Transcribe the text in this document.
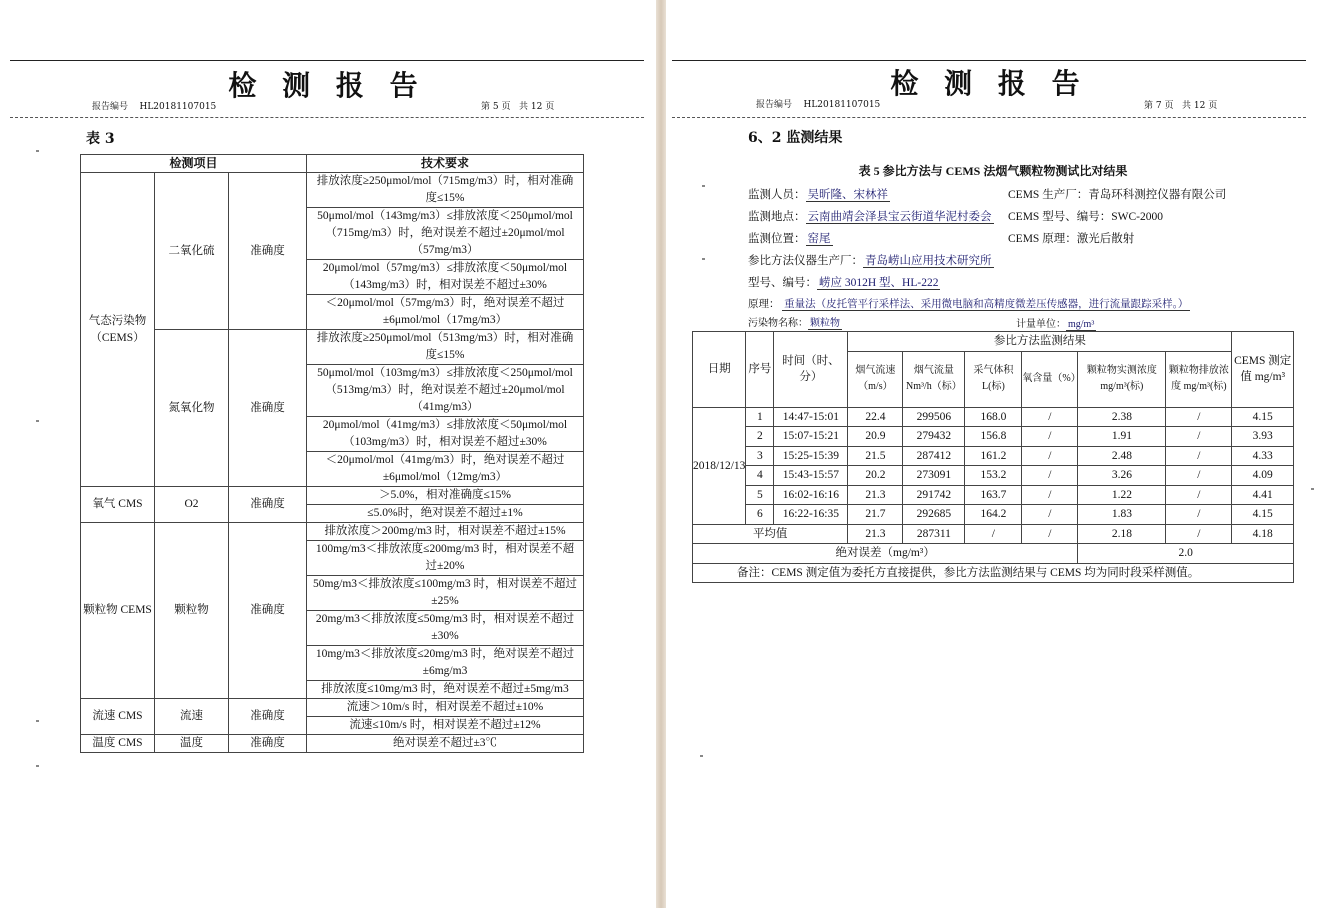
检 测 报 告
报告编号 HL20181107015	第 5 页 共 12 页
表 3
检测项目			技术要求
气态污染物（CEMS）	二氧化硫	准确度	排放浓度≥250μmol/mol（715mg/m3）时，相对准确度≤15%
			50μmol/mol（143mg/m3）≤排放浓度＜250μmol/mol（715mg/m3）时，绝对误差不超过±20μmol/mol（57mg/m3）
			20μmol/mol（57mg/m3）≤排放浓度＜50μmol/mol（143mg/m3）时，相对误差不超过±30%
			＜20μmol/mol（57mg/m3）时，绝对误差不超过±6μmol/mol（17mg/m3）
	氮氧化物	准确度	排放浓度≥250μmol/mol（513mg/m3）时，相对准确度≤15%
			50μmol/mol（103mg/m3）≤排放浓度＜250μmol/mol（513mg/m3）时，绝对误差不超过±20μmol/mol（41mg/m3）
			20μmol/mol（41mg/m3）≤排放浓度＜50μmol/mol（103mg/m3）时，相对误差不超过±30%
			＜20μmol/mol（41mg/m3）时，绝对误差不超过±6μmol/mol（12mg/m3）
氧气 CMS	O2	准确度	＞5.0%，相对准确度≤15%
			≤5.0%时，绝对误差不超过±1%
颗粒物 CEMS	颗粒物	准确度	排放浓度＞200mg/m3 时，相对误差不超过±15%
			100mg/m3＜排放浓度≤200mg/m3 时，相对误差不超过±20%
			50mg/m3＜排放浓度≤100mg/m3 时，相对误差不超过±25%
			20mg/m3＜排放浓度≤50mg/m3 时，相对误差不超过±30%
			10mg/m3＜排放浓度≤20mg/m3 时，绝对误差不超过±6mg/m3
			排放浓度≤10mg/m3 时，绝对误差不超过±5mg/m3
流速 CMS	流速	准确度	流速＞10m/s 时，相对误差不超过±10%
			流速≤10m/s 时，相对误差不超过±12%
温度 CMS	温度	准确度	绝对误差不超过±3℃
检 测 报 告
报告编号 HL20181107015	第 7 页 共 12 页
6、2 监测结果
表 5 参比方法与 CEMS 法烟气颗粒物测试比对结果
监测人员： 吴昕隆、宋林祥	CEMS 生产厂：青岛环科测控仪器有限公司
监测地点： 云南曲靖会泽县宝云街道华泥村委会 CEMS 型号、编号：SWC-2000
监测位置： 窑尾	CEMS 原理：激光后散射
参比方法仪器生产厂： 青岛崂山应用技术研究所
型号、编号： 崂应 3012H 型、HL-222
原理： 重量法（皮托管平行采样法、采用微电脑和高精度微差压传感器，进行流量跟踪采样。）
污染物名称： 颗粒物	计量单位： mg/m³
日期	序号	时间（时、分）	参比方法监测结果						CEMS 测定值 mg/m³
			烟气流速（m/s）	烟气流量 Nm³/h（标）	采气体积 L(标)	氧含量（%）	颗粒物实测浓度 mg/m³(标)	颗粒物排放浓度 mg/m³(标)	
2018/12/13	1	14:47-15:01	22.4	299506	168.0	/	2.38	/	4.15
	2	15:07-15:21	20.9	279432	156.8	/	1.91	/	3.93
	3	15:25-15:39	21.5	287412	161.2	/	2.48	/	4.33
	4	15:43-15:57	20.2	273091	153.2	/	3.26	/	4.09
	5	16:02-16:16	21.3	291742	163.7	/	1.22	/	4.41
	6	16:22-16:35	21.7	292685	164.2	/	1.83	/	4.15
平均值			21.3	287311	/	/	2.18	/	4.18
绝对误差（mg/m³）							2.0		
备注：CEMS 测定值为委托方直接提供，参比方法监测结果与 CEMS 均为同时段采样测值。									
